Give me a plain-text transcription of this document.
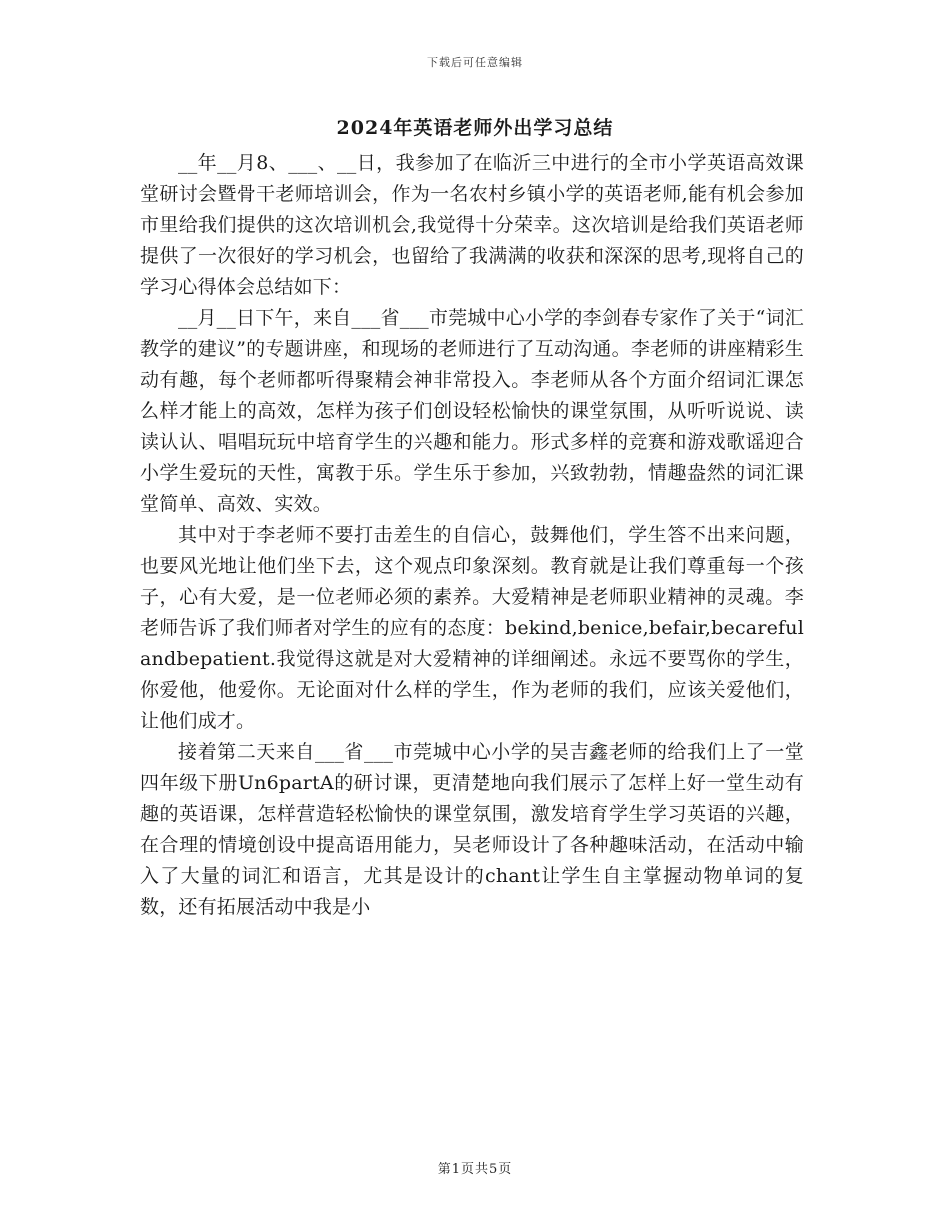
下载后可任意编辑
2024年英语老师外出学习总结

__年__月8、___、__日，我参加了在临沂三中进行的全市小学英语高效课堂研讨会暨骨干老师培训会，作为一名农村乡镇小学的英语老师,能有机会参加市里给我们提供的这次培训机会,我觉得十分荣幸。这次培训是给我们英语老师提供了一次很好的学习机会，也留给了我满满的收获和深深的思考,现将自己的学习心得体会总结如下：

__月__日下午，来自___省___市莞城中心小学的李剑春专家作了关于“词汇教学的建议”的专题讲座，和现场的老师进行了互动沟通。李老师的讲座精彩生动有趣，每个老师都听得聚精会神非常投入。李老师从各个方面介绍词汇课怎么样才能上的高效，怎样为孩子们创设轻松愉快的课堂氛围，从听听说说、读读认认、唱唱玩玩中培育学生的兴趣和能力。形式多样的竞赛和游戏歌谣迎合小学生爱玩的天性，寓教于乐。学生乐于参加，兴致勃勃，情趣盎然的词汇课堂简单、高效、实效。

其中对于李老师不要打击差生的自信心，鼓舞他们，学生答不出来问题，也要风光地让他们坐下去，这个观点印象深刻。教育就是让我们尊重每一个孩子，心有大爱，是一位老师必须的素养。大爱精神是老师职业精神的灵魂。李老师告诉了我们师者对学生的应有的态度：bekind,benice,befair,becarefulandbepatient.我觉得这就是对大爱精神的详细阐述。永远不要骂你的学生，你爱他，他爱你。无论面对什么样的学生，作为老师的我们，应该关爱他们，让他们成才。

接着第二天来自___省___市莞城中心小学的吴吉鑫老师的给我们上了一堂四年级下册Un6partA的研讨课，更清楚地向我们展示了怎样上好一堂生动有趣的英语课，怎样营造轻松愉快的课堂氛围，激发培育学生学习英语的兴趣，在合理的情境创设中提高语用能力，吴老师设计了各种趣味活动，在活动中输入了大量的词汇和语言，尤其是设计的chant让学生自主掌握动物单词的复数，还有拓展活动中我是小

第1页共5页
